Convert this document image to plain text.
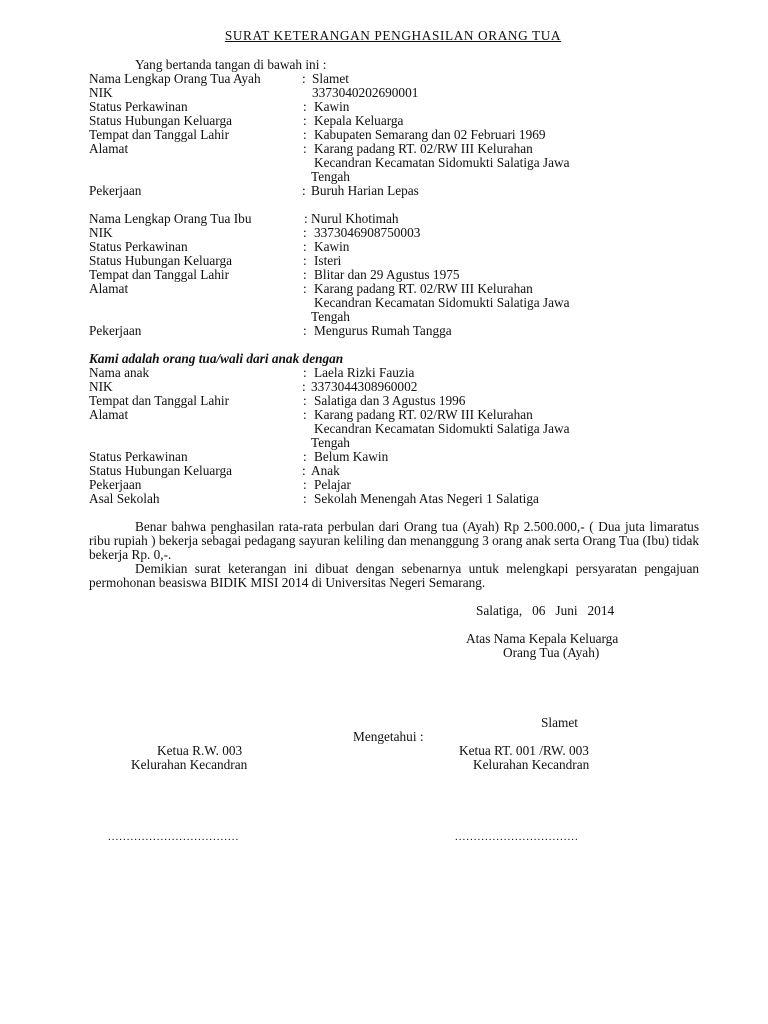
SURAT KETERANGAN PENGHASILAN ORANG TUA
Yang bertanda tangan di bawah ini :
Nama Lengkap Orang Tua Ayah	: Slamet
NIK	3373040202690001
Status Perkawinan	: Kawin
Status Hubungan Keluarga	: Kepala Keluarga
Tempat dan Tanggal Lahir	: Kabupaten Semarang dan 02 Februari 1969
Alamat	: Karang padang RT. 02/RW III Kelurahan
Kecandran Kecamatan Sidomukti Salatiga Jawa
Tengah
Pekerjaan	: Buruh Harian Lepas
Nama Lengkap Orang Tua Ibu	: Nurul Khotimah
NIK	: 3373046908750003
Status Perkawinan	: Kawin
Status Hubungan Keluarga	: Isteri
Tempat dan Tanggal Lahir	: Blitar dan 29 Agustus 1975
Alamat	: Karang padang RT. 02/RW III Kelurahan
Kecandran Kecamatan Sidomukti Salatiga Jawa
Tengah
Pekerjaan	: Mengurus Rumah Tangga
Kami adalah orang tua/wali dari anak dengan
Nama anak	: Laela Rizki Fauzia
NIK	: 3373044308960002
Tempat dan Tanggal Lahir	: Salatiga dan 3 Agustus 1996
Alamat	: Karang padang RT. 02/RW III Kelurahan
Kecandran Kecamatan Sidomukti Salatiga Jawa
Tengah
Status Perkawinan	: Belum Kawin
Status Hubungan Keluarga	: Anak
Pekerjaan	: Pelajar
Asal Sekolah	: Sekolah Menengah Atas Negeri 1 Salatiga
Benar bahwa penghasilan rata-rata perbulan dari Orang tua (Ayah) Rp 2.500.000,- ( Dua juta limaratus ribu rupiah ) bekerja sebagai pedagang sayuran keliling dan menanggung 3 orang anak serta Orang Tua (Ibu) tidak bekerja Rp. 0,-.
Demikian surat keterangan ini dibuat dengan sebenarnya untuk melengkapi persyaratan pengajuan permohonan beasiswa BIDIK MISI 2014 di Universitas Negeri Semarang.
Salatiga,   06   Juni   2014
Atas Nama Kepala Keluarga
Orang Tua (Ayah)
Slamet
Mengetahui :
Ketua R.W. 003
Kelurahan Kecandran
Ketua RT. 001 /RW. 003
Kelurahan Kecandran
...................................	.................................
